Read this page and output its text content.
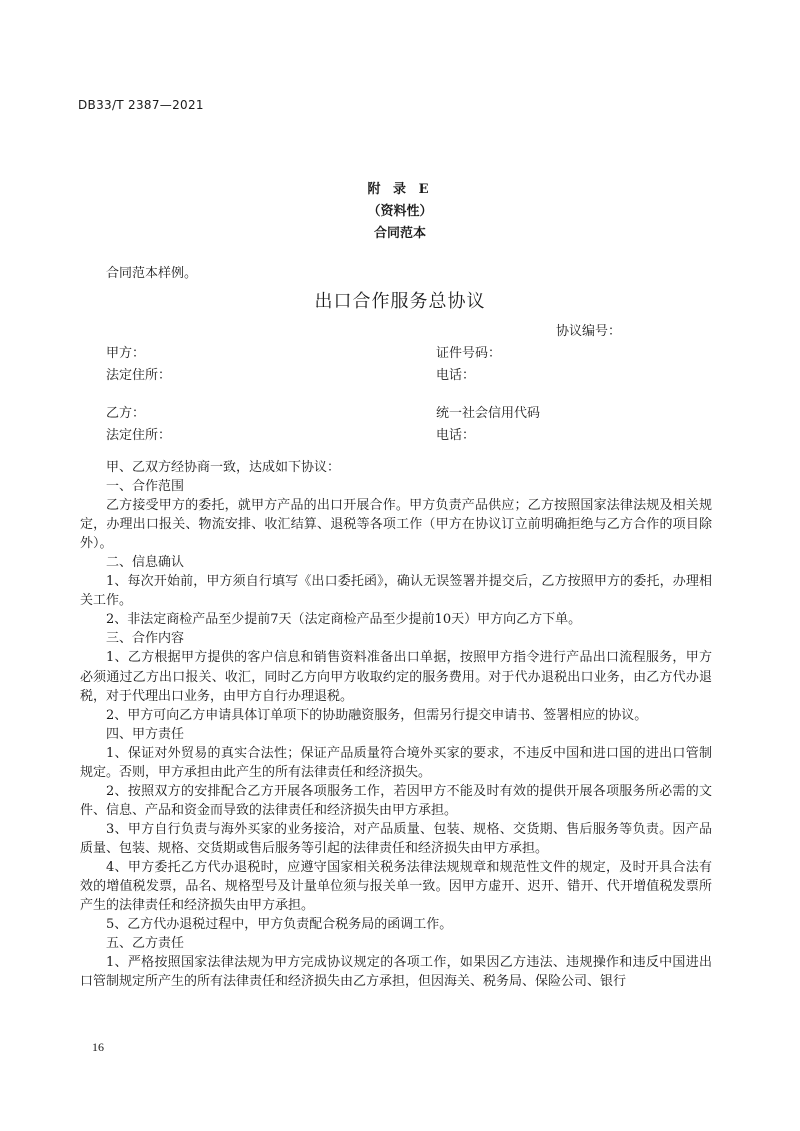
DB33/T 2387—2021
附 录 E
（资料性）
合同范本
合同范本样例。
出口合作服务总协议
协议编号：
甲方：	证件号码：
法定住所：	电话：
乙方：	统一社会信用代码
法定住所：	电话：

甲、乙双方经协商一致，达成如下协议：

一、合作范围

乙方接受甲方的委托，就甲方产品的出口开展合作。甲方负责产品供应；乙方按照国家法律法规及相关规定，办理出口报关、物流安排、收汇结算、退税等各项工作（甲方在协议订立前明确拒绝与乙方合作的项目除外）。

二、信息确认

1、每次开始前，甲方须自行填写《出口委托函》，确认无误签署并提交后，乙方按照甲方的委托，办理相关工作。

2、非法定商检产品至少提前7天（法定商检产品至少提前10天）甲方向乙方下单。

三、合作内容

1、乙方根据甲方提供的客户信息和销售资料准备出口单据，按照甲方指令进行产品出口流程服务，甲方必须通过乙方出口报关、收汇，同时乙方向甲方收取约定的服务费用。对于代办退税出口业务，由乙方代办退税，对于代理出口业务，由甲方自行办理退税。

2、甲方可向乙方申请具体订单项下的协助融资服务，但需另行提交申请书、签署相应的协议。

四、甲方责任

1、保证对外贸易的真实合法性；保证产品质量符合境外买家的要求，不违反中国和进口国的进出口管制规定。否则，甲方承担由此产生的所有法律责任和经济损失。

2、按照双方的安排配合乙方开展各项服务工作，若因甲方不能及时有效的提供开展各项服务所必需的文件、信息、产品和资金而导致的法律责任和经济损失由甲方承担。

3、甲方自行负责与海外买家的业务接洽，对产品质量、包装、规格、交货期、售后服务等负责。因产品质量、包装、规格、交货期或售后服务等引起的法律责任和经济损失由甲方承担。

4、甲方委托乙方代办退税时，应遵守国家相关税务法律法规规章和规范性文件的规定，及时开具合法有效的增值税发票，品名、规格型号及计量单位须与报关单一致。因甲方虚开、迟开、错开、代开增值税发票所产生的法律责任和经济损失由甲方承担。

5、乙方代办退税过程中，甲方负责配合税务局的函调工作。

五、乙方责任

1、严格按照国家法律法规为甲方完成协议规定的各项工作，如果因乙方违法、违规操作和违反中国进出口管制规定所产生的所有法律责任和经济损失由乙方承担，但因海关、税务局、保险公司、银行

16
